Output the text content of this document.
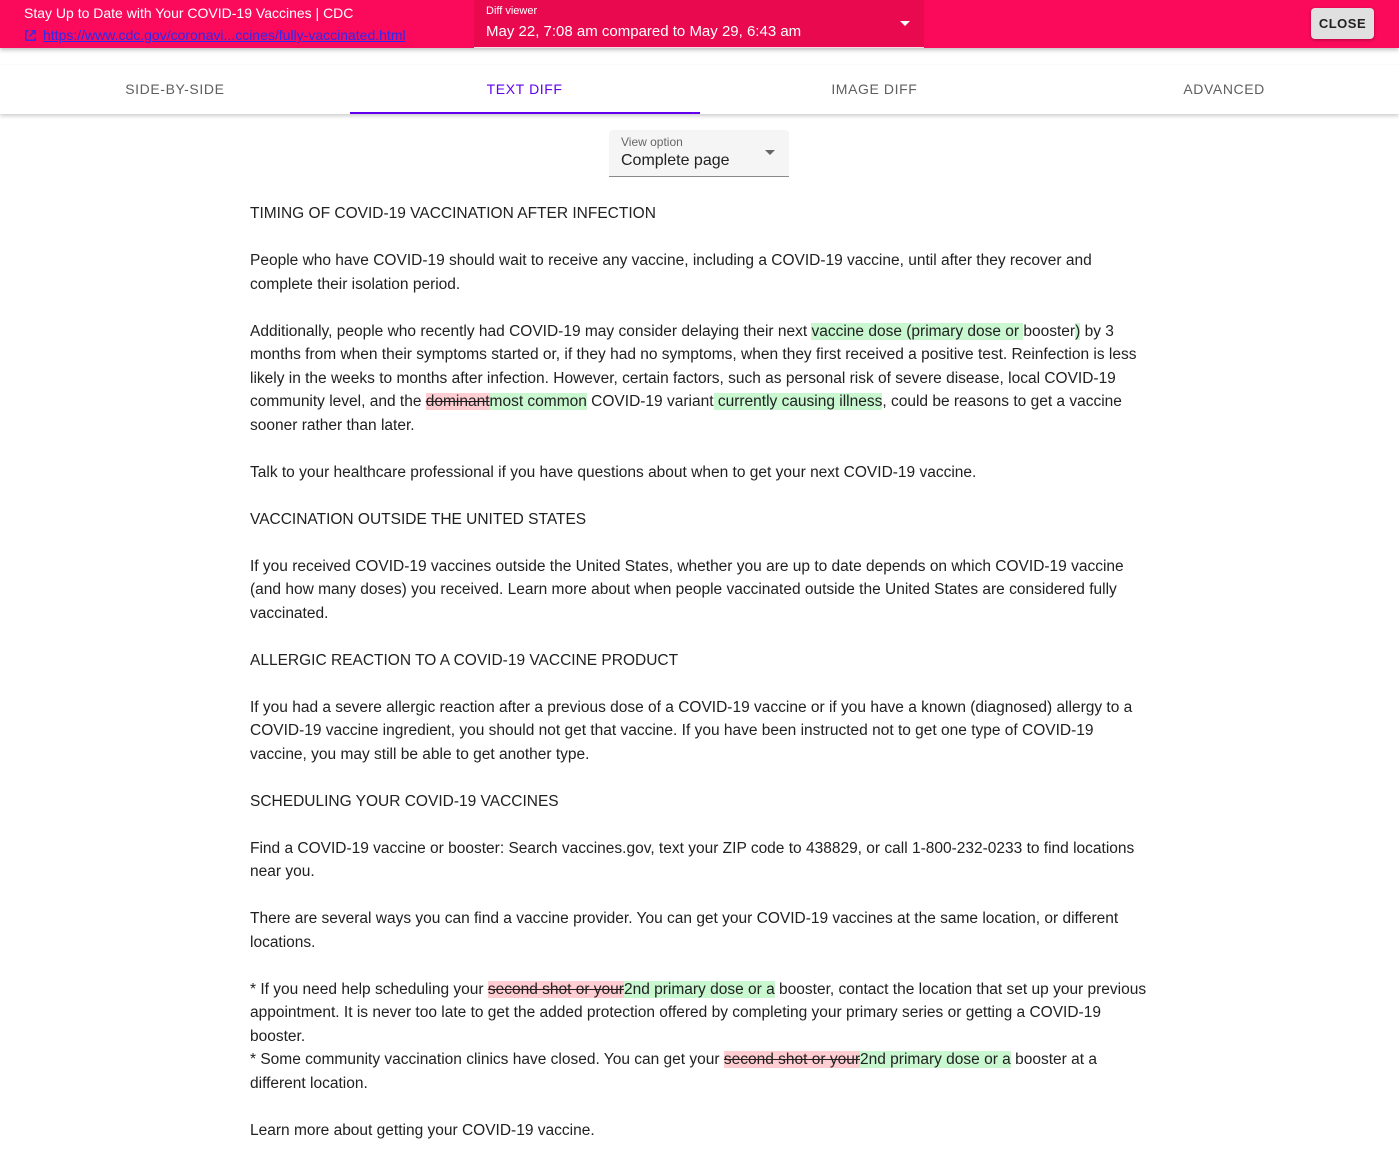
Stay Up to Date with Your COVID-19 Vaccines | CDC
https://www.cdc.gov/coronavi...ccines/fully-vaccinated.html
Diff viewer
May 22, 7:08 am compared to May 29, 6:43 am	CLOSE
SIDE-BY-SIDE	TEXT DIFF	IMAGE DIFF	ADVANCED
View option
Complete page

TIMING OF COVID-19 VACCINATION AFTER INFECTION

People who have COVID-19 should wait to receive any vaccine, including a COVID-19 vaccine, until after they recover and complete their isolation period.

Additionally, people who recently had COVID-19 may consider delaying their next vaccine dose (primary dose or booster) by 3 months from when their symptoms started or, if they had no symptoms, when they first received a positive test. Reinfection is less likely in the weeks to months after infection. However, certain factors, such as personal risk of severe disease, local COVID-19 community level, and the dominantmost common COVID-19 variant currently causing illness, could be reasons to get a vaccine sooner rather than later.

Talk to your healthcare professional if you have questions about when to get your next COVID-19 vaccine.

VACCINATION OUTSIDE THE UNITED STATES

If you received COVID-19 vaccines outside the United States, whether you are up to date depends on which COVID-19 vaccine (and how many doses) you received. Learn more about when people vaccinated outside the United States are considered fully vaccinated.

ALLERGIC REACTION TO A COVID-19 VACCINE PRODUCT

If you had a severe allergic reaction after a previous dose of a COVID-19 vaccine or if you have a known (diagnosed) allergy to a COVID-19 vaccine ingredient, you should not get that vaccine. If you have been instructed not to get one type of COVID-19 vaccine, you may still be able to get another type.

SCHEDULING YOUR COVID-19 VACCINES

Find a COVID-19 vaccine or booster: Search vaccines.gov, text your ZIP code to 438829, or call 1-800-232-0233 to find locations near you.

There are several ways you can find a vaccine provider. You can get your COVID-19 vaccines at the same location, or different locations.

* If you need help scheduling your second shot or your2nd primary dose or a booster, contact the location that set up your previous appointment. It is never too late to get the added protection offered by completing your primary series or getting a COVID-19 booster.

* Some community vaccination clinics have closed. You can get your second shot or your2nd primary dose or a booster at a different location.

Learn more about getting your COVID-19 vaccine.
